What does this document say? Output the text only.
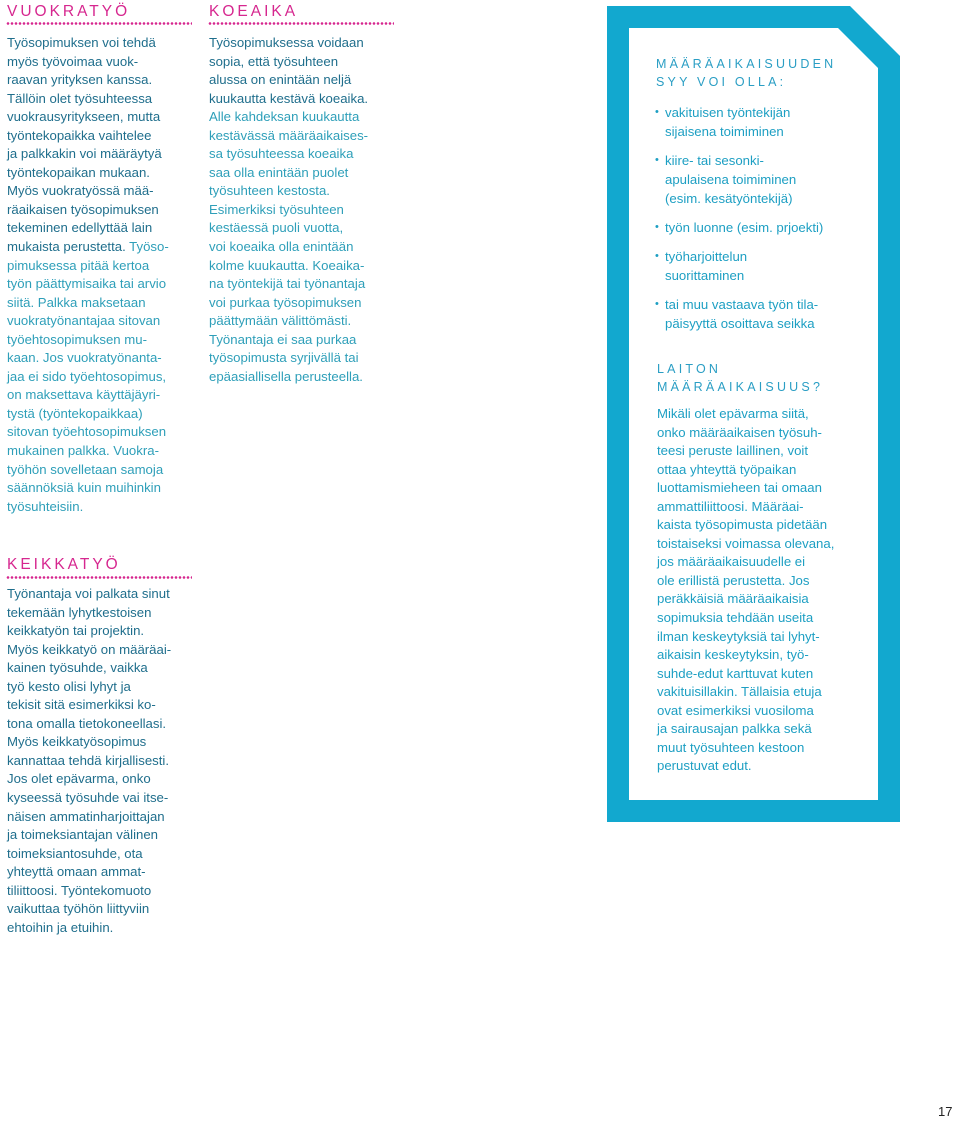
VUOKRATYÖ

Työsopimuksen voi tehdä
myös työvoimaa vuok-
raavan yrityksen kanssa.
Tällöin olet työsuhteessa
vuokrausyritykseen, mutta
työntekopaikka vaihtelee
ja palkkakin voi määräytyä
työntekopaikan mukaan.
Myös vuokratyössä mää-
räaikaisen työsopimuksen
tekeminen edellyttää lain
mukaista perustetta. Työso-
pimuksessa pitää kertoa
työn päättymisaika tai arvio
siitä. Palkka maksetaan
vuokratyönantajaa sitovan
työehtosopimuksen mu-
kaan. Jos vuokratyönanta-
jaa ei sido työehtosopimus,
on maksettava käyttäjäyri-
tystä (työntekopaikkaa)
sitovan työehtosopimuksen
mukainen palkka. Vuokra-
työhön sovelletaan samoja
säännöksiä kuin muihinkin
työsuhteisiin.

KEIKKATYÖ

Työnantaja voi palkata sinut
tekemään lyhytkestoisen
keikkatyön tai projektin.
Myös keikkatyö on määräai-
kainen työsuhde, vaikka
työ kesto olisi lyhyt ja
tekisit sitä esimerkiksi ko-
tona omalla tietokoneellasi.
Myös keikkatyösopimus
kannattaa tehdä kirjallisesti.
Jos olet epävarma, onko
kyseessä työsuhde vai itse-
näisen ammatinharjoittajan
ja toimeksiantajan välinen
toimeksiantosuhde, ota
yhteyttä omaan ammat-
tiliittoosi. Työntekomuoto
vaikuttaa työhön liittyviin
ehtoihin ja etuihin.

KOEAIKA

Työsopimuksessa voidaan
sopia, että työsuhteen
alussa on enintään neljä
kuukautta kestävä koeaika.
Alle kahdeksan kuukautta
kestävässä määräaikaises-
sa työsuhteessa koeaika
saa olla enintään puolet
työsuhteen kestosta.
Esimerkiksi työsuhteen
kestäessä puoli vuotta,
voi koeaika olla enintään
kolme kuukautta. Koeaika-
na työntekijä tai työnantaja
voi purkaa työsopimuksen
päättymään välittömästi.
Työnantaja ei saa purkaa
työsopimusta syrjivällä tai
epäasiallisella perusteella.

MÄÄRÄAIKAISUUDEN
SYY VOI OLLA:
• vakituisen työntekijän
sijaisena toimiminen
• kiire- tai sesonki-
apulaisena toimiminen
(esim. kesätyöntekijä)
• työn luonne (esim. prjoekti)
• työharjoittelun
suorittaminen
• tai muu vastaava työn tila-
päisyyttä osoittava seikka
LAITON
MÄÄRÄAIKAISUUS?

Mikäli olet epävarma siitä,
onko määräaikaisen työsuh-
teesi peruste laillinen, voit
ottaa yhteyttä työpaikan
luottamismieheen tai omaan
ammattiliittoosi. Määräai-
kaista työsopimusta pidetään
toistaiseksi voimassa olevana,
jos määräaikaisuudelle ei
ole erillistä perustetta. Jos
peräkkäisiä määräaikaisia
sopimuksia tehdään useita
ilman keskeytyksiä tai lyhyt-
aikaisin keskeytyksin, työ-
suhde-edut karttuvat kuten
vakituisillakin. Tällaisia etuja
ovat esimerkiksi vuosiloma
ja sairausajan palkka sekä
muut työsuhteen kestoon
perustuvat edut.

17
